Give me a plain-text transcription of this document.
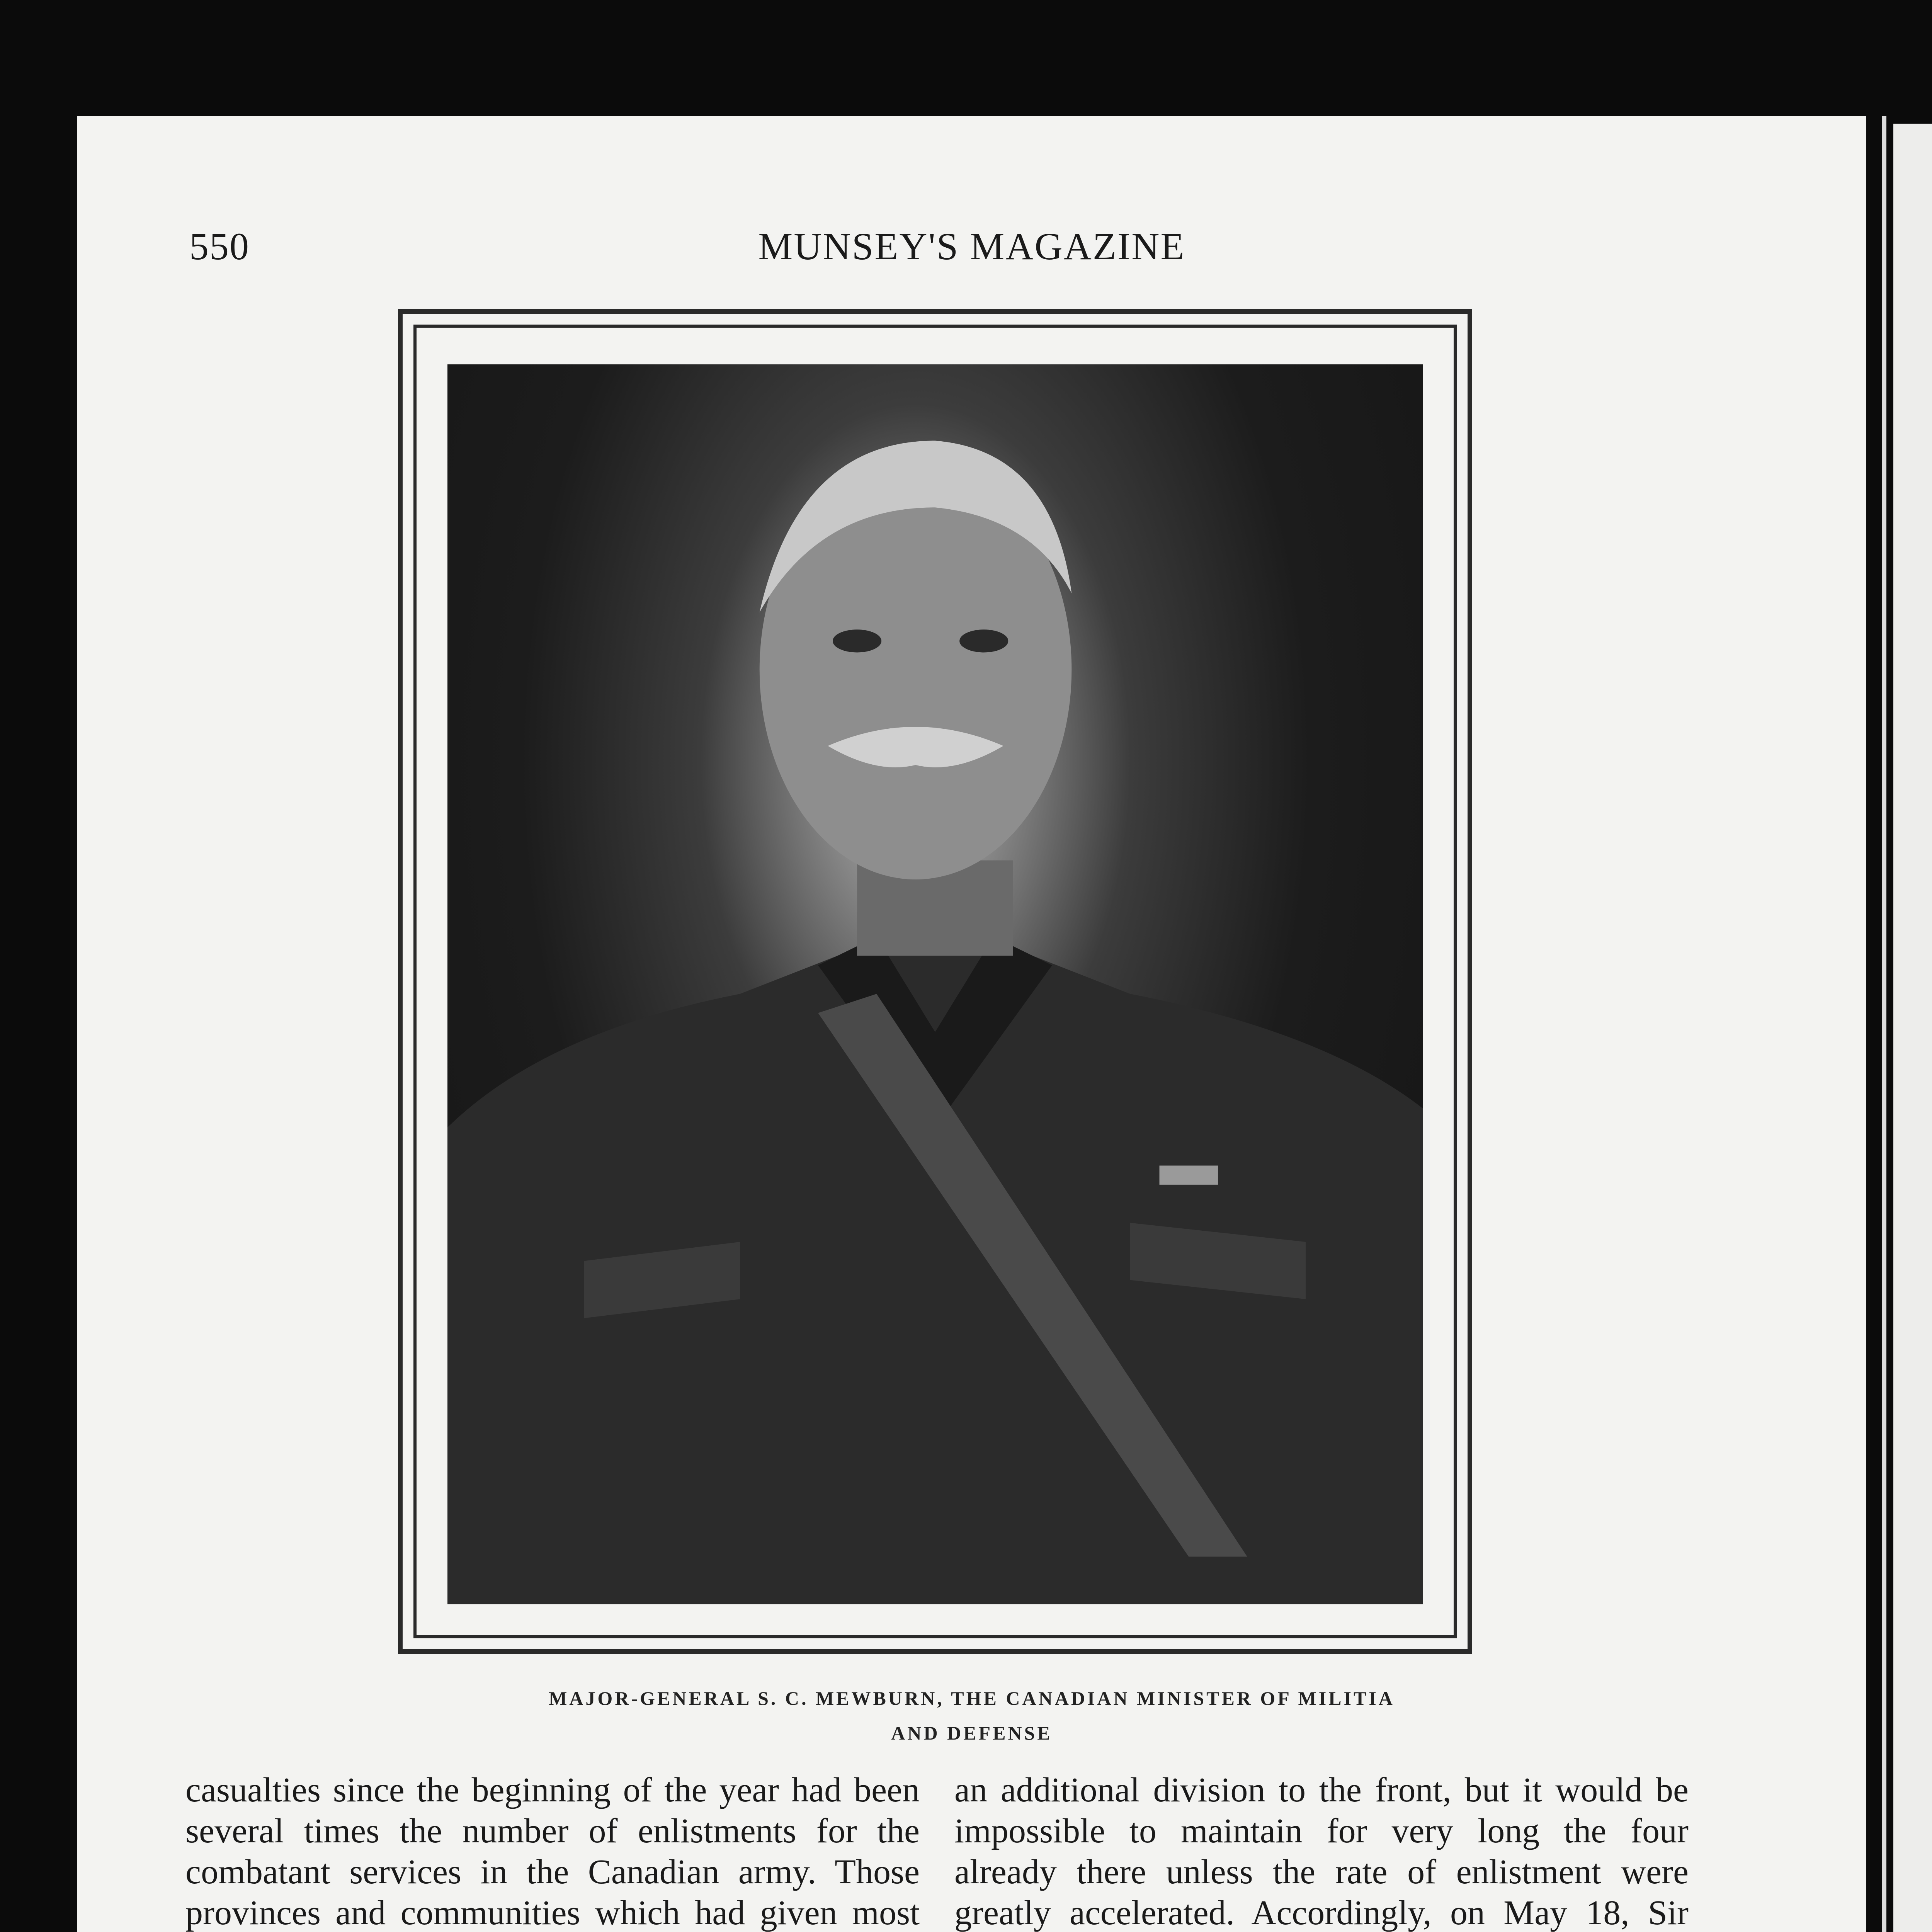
550	MUNSEY'S MAGAZINE
MAJOR-GENERAL S. C. MEWBURN, THE CANADIAN MINISTER OF MILITIA
AND DEFENSE

casualties since the beginning of the year had been several times the number of enlistments for the combatant services in the Canadian army. Those provinces and communities which had given most

an additional division to the front, but it would be impossible to maintain for very long the four already there unless the rate of enlistment were greatly accelerated. Accordingly, on May 18, Sir
